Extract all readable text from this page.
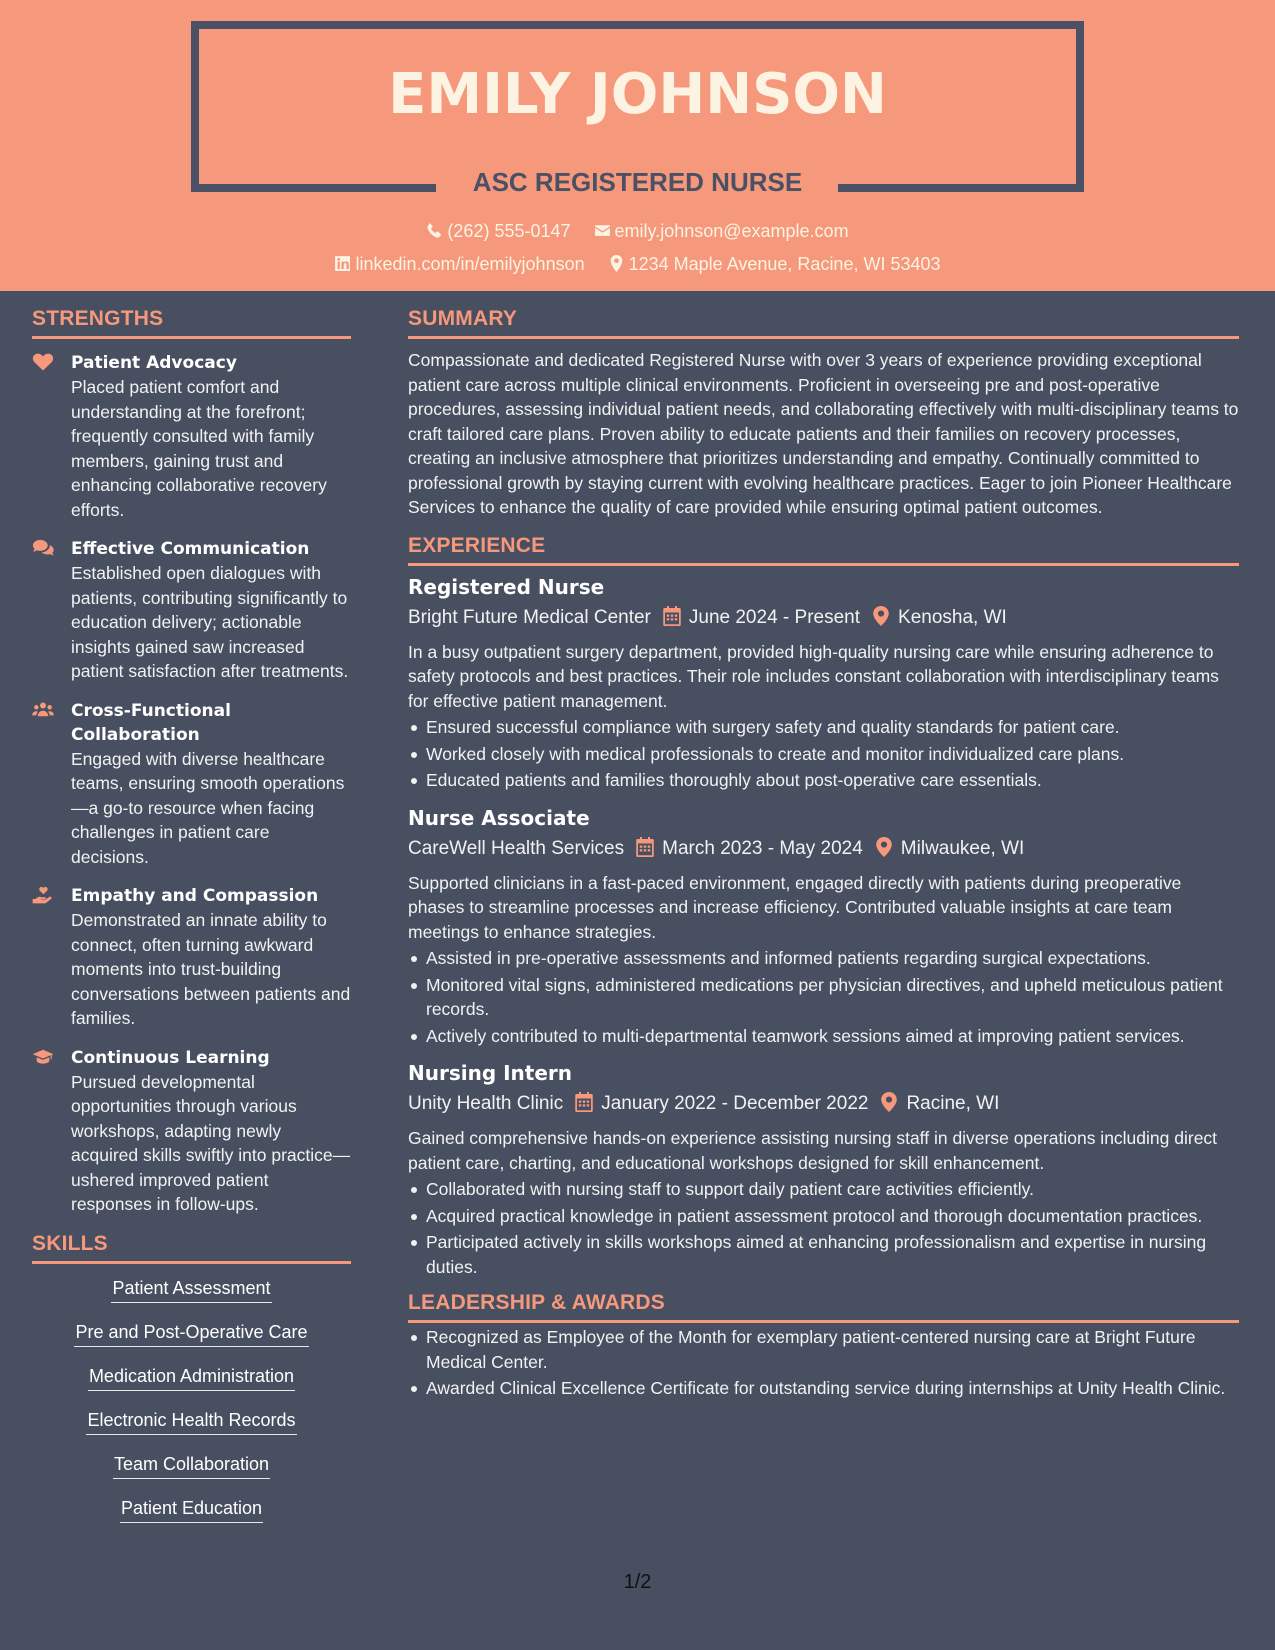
EMILY JOHNSON
ASC REGISTERED NURSE
(262) 555-0147 emily.johnson@example.com
linkedin.com/in/emilyjohnson 1234 Maple Avenue, Racine, WI 53403
STRENGTHS
Patient Advocacy
Placed patient comfort and understanding at the forefront; frequently consulted with family members, gaining trust and enhancing collaborative recovery efforts.
Effective Communication
Established open dialogues with patients, contributing significantly to education delivery; actionable insights gained saw increased patient satisfaction after treatments.
Cross-Functional Collaboration
Engaged with diverse healthcare teams, ensuring smooth operations—a go-to resource when facing challenges in patient care decisions.
Empathy and Compassion
Demonstrated an innate ability to connect, often turning awkward moments into trust-building conversations between patients and families.
Continuous Learning
Pursued developmental opportunities through various workshops, adapting newly acquired skills swiftly into practice—ushered improved patient responses in follow-ups.
SKILLS
Patient Assessment
Pre and Post-Operative Care
Medication Administration
Electronic Health Records
Team Collaboration
Patient Education
SUMMARY
Compassionate and dedicated Registered Nurse with over 3 years of experience providing exceptional patient care across multiple clinical environments. Proficient in overseeing pre and post-operative procedures, assessing individual patient needs, and collaborating effectively with multi-disciplinary teams to craft tailored care plans. Proven ability to educate patients and their families on recovery processes, creating an inclusive atmosphere that prioritizes understanding and empathy. Continually committed to professional growth by staying current with evolving healthcare practices. Eager to join Pioneer Healthcare Services to enhance the quality of care provided while ensuring optimal patient outcomes.
EXPERIENCE
Registered Nurse
Bright Future Medical Center June 2024 - Present Kenosha, WI
In a busy outpatient surgery department, provided high-quality nursing care while ensuring adherence to safety protocols and best practices. Their role includes constant collaboration with interdisciplinary teams for effective patient management.
Ensured successful compliance with surgery safety and quality standards for patient care.
Worked closely with medical professionals to create and monitor individualized care plans.
Educated patients and families thoroughly about post-operative care essentials.
Nurse Associate
CareWell Health Services March 2023 - May 2024 Milwaukee, WI
Supported clinicians in a fast-paced environment, engaged directly with patients during preoperative phases to streamline processes and increase efficiency. Contributed valuable insights at care team meetings to enhance strategies.
Assisted in pre-operative assessments and informed patients regarding surgical expectations.
Monitored vital signs, administered medications per physician directives, and upheld meticulous patient records.
Actively contributed to multi-departmental teamwork sessions aimed at improving patient services.
Nursing Intern
Unity Health Clinic January 2022 - December 2022 Racine, WI
Gained comprehensive hands-on experience assisting nursing staff in diverse operations including direct patient care, charting, and educational workshops designed for skill enhancement.
Collaborated with nursing staff to support daily patient care activities efficiently.
Acquired practical knowledge in patient assessment protocol and thorough documentation practices.
Participated actively in skills workshops aimed at enhancing professionalism and expertise in nursing duties.
LEADERSHIP & AWARDS
Recognized as Employee of the Month for exemplary patient-centered nursing care at Bright Future Medical Center.
Awarded Clinical Excellence Certificate for outstanding service during internships at Unity Health Clinic.
1/2
